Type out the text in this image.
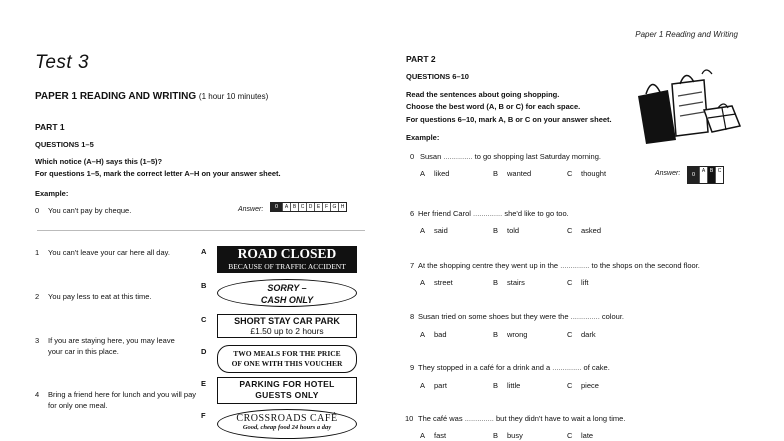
Paper 1 Reading and Writing
Test 3
PAPER 1 READING AND WRITING (1 hour 10 minutes)
PART 1
QUESTIONS 1–5
Which notice (A–H) says this (1–5)?
For questions 1–5, mark the correct letter A–H on your answer sheet.
Example:
0 You can't pay by cheque.	Answer:	0	A B C D E F G H
1 You can't leave your car here all day.
2 You pay less to eat at this time.
3 If you are staying here, you may leave your car in this place.
4 Bring a friend here for lunch and you will pay for only one meal.
A
B
C
D
E
F
ROAD CLOSED
BECAUSE OF TRAFFIC ACCIDENT
SORRY –
CASH ONLY
SHORT STAY CAR PARK
£1.50 up to 2 hours
TWO MEALS FOR THE PRICE
OF ONE WITH THIS VOUCHER
PARKING FOR HOTEL
GUESTS ONLY
CROSSROADS CAFÉ
Good, cheap food 24 hours a day
PART 2
QUESTIONS 6–10
Read the sentences about going shopping.
Choose the best word (A, B or C) for each space.
For questions 6–10, mark A, B or C on your answer sheet.
Example:
0 Susan .............. to go shopping last Saturday morning.
A liked	B wanted	C thought	Answer:	0
A B C
6 Her friend Carol .............. she'd like to go too.
A said	B told	C asked
7 At the shopping centre they went up in the .............. to the shops on the second floor.
A street	B stairs	C lift
8 Susan tried on some shoes but they were the .............. colour.
A bad	B wrong	C dark
9 They stopped in a café for a drink and a .............. of cake.
A part	B little	C piece
10 The café was .............. but they didn't have to wait a long time.
A fast	B busy	C late
